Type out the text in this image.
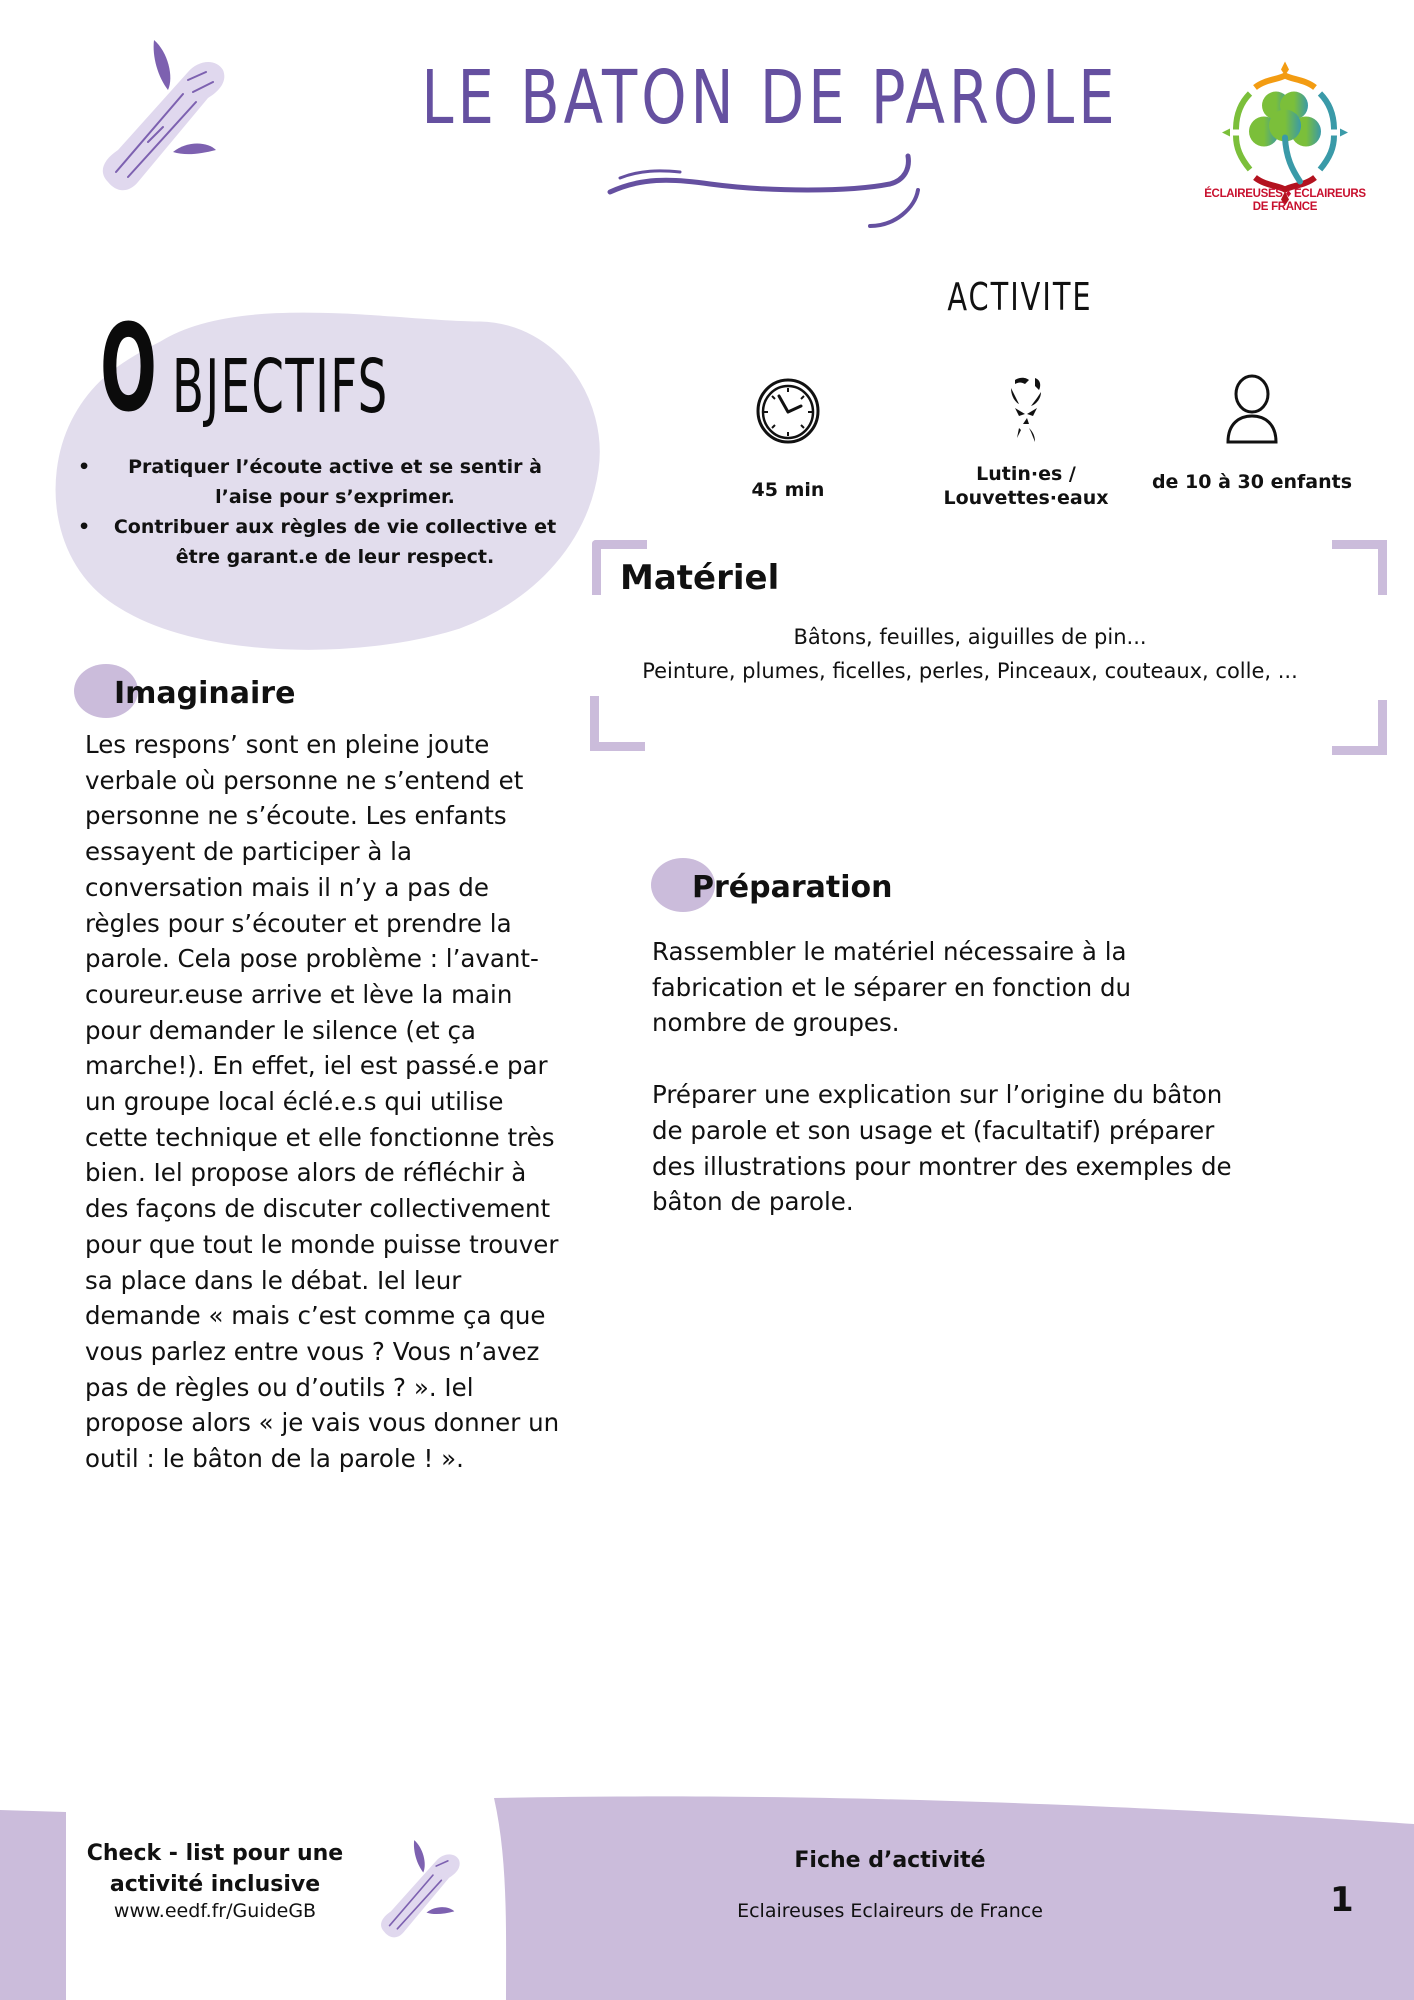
LE BATON DE PAROLE
ÉCLAIREUSES ♦ ÉCLAIREURS
DE FRANCE
O BJECTIFS
• Pratiquer l’écoute active et se sentir à l’aise pour s’exprimer.
• Contribuer aux règles de vie collective et être garant.e de leur respect.
ACTIVITE
45 min
Lutin·es / Louvettes·eaux
de 10 à 30 enfants
Matériel
Bâtons, feuilles, aiguilles de pin...
Peinture, plumes, ficelles, perles, Pinceaux, couteaux, colle, ...
Imaginaire
Les respons’ sont en pleine joute verbale où personne ne s’entend et personne ne s’écoute. Les enfants essayent de participer à la conversation mais il n’y a pas de règles pour s’écouter et prendre la parole. Cela pose problème : l’avant-coureur.euse arrive et lève la main pour demander le silence (et ça marche!). En effet, iel est passé.e par un groupe local éclé.e.s qui utilise cette technique et elle fonctionne très bien. Iel propose alors de réfléchir à des façons de discuter collectivement pour que tout le monde puisse trouver sa place dans le débat. Iel leur demande « mais c’est comme ça que vous parlez entre vous ? Vous n’avez pas de règles ou d’outils ? ». Iel propose alors « je vais vous donner un outil : le bâton de la parole ! ».
Préparation
Rassembler le matériel nécessaire à la fabrication et le séparer en fonction du nombre de groupes.
Préparer une explication sur l’origine du bâton de parole et son usage et (facultatif) préparer des illustrations pour montrer des exemples de bâton de parole.
Check - list pour une activité inclusive
www.eedf.fr/GuideGB
Fiche d’activité
Eclaireuses Eclaireurs de France	1
